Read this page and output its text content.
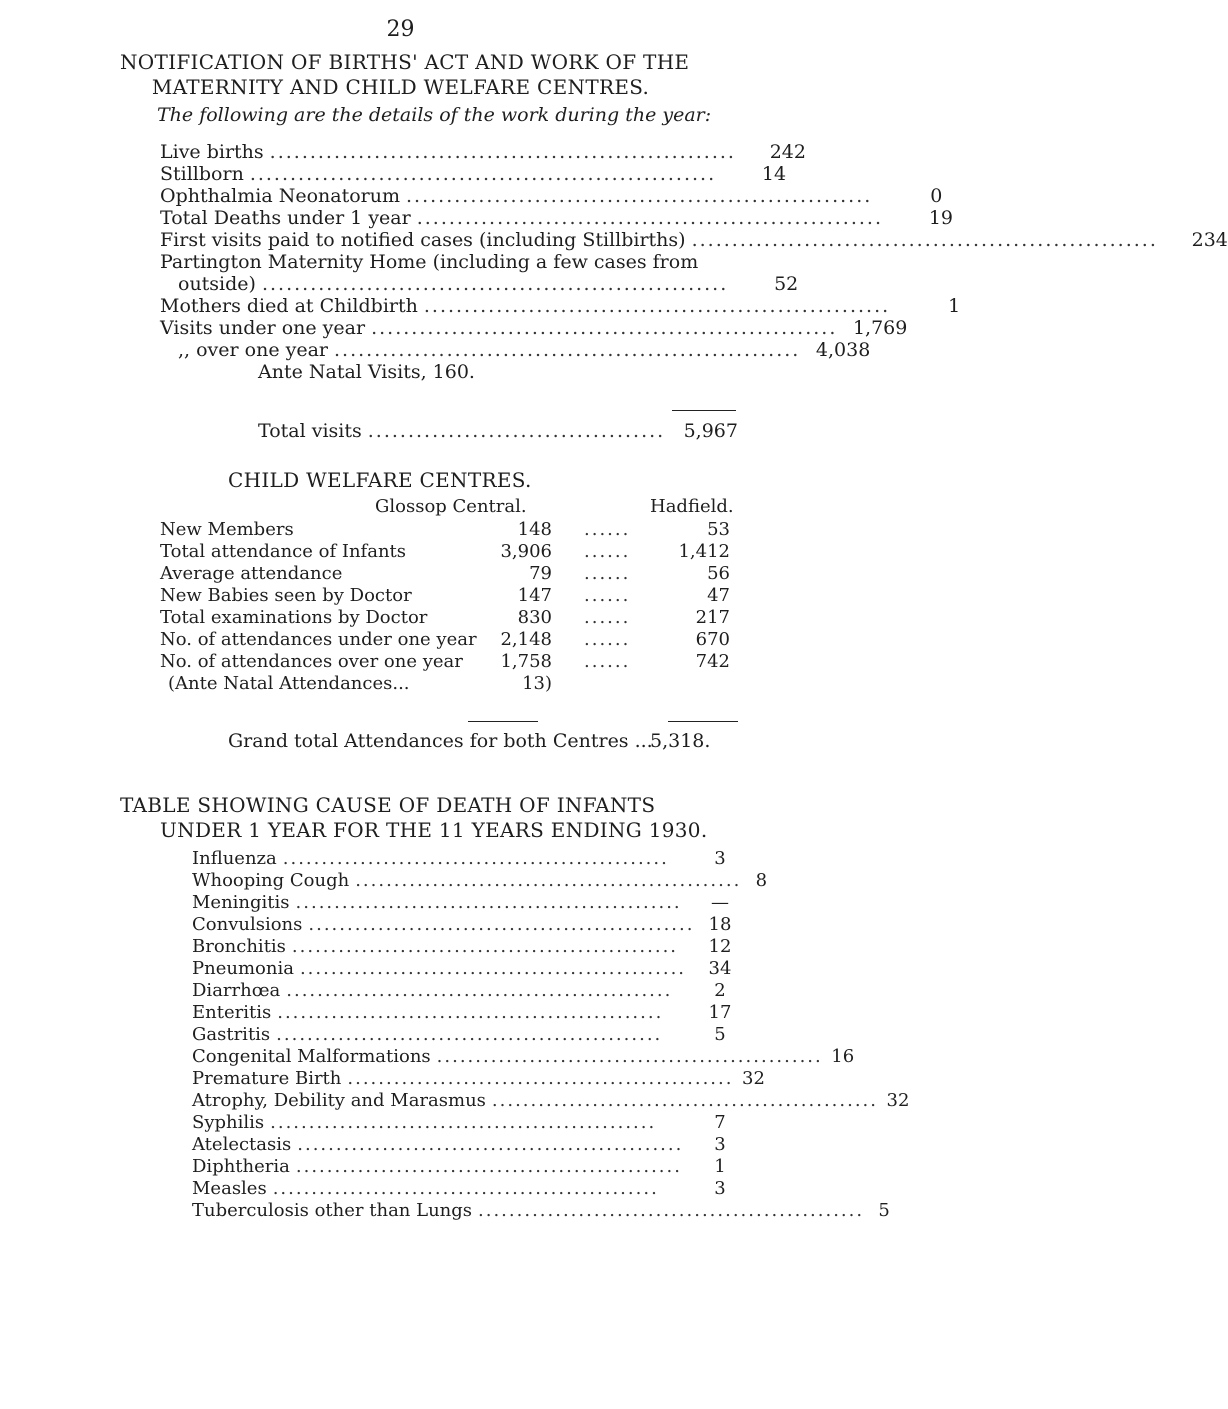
29
NOTIFICATION OF BIRTHS' ACT AND WORK OF THE
MATERNITY AND CHILD WELFARE CENTRES.
The following are the details of the work during the year:
Live births ..........................................................	242
Stillborn ..........................................................	14
Ophthalmia Neonatorum ..........................................................	0
Total Deaths under 1 year ..........................................................	19
First visits paid to notified cases (including Stillbirths) ..........................................................	234
Partington Maternity Home (including a few cases from
outside) ..........................................................	52
Mothers died at Childbirth ..........................................................	1
Visits under one year .......................................................... 1,769
,, over one year .......................................................... 4,038
Ante Natal Visits, 160.
Total visits ..................................... 5,967
CHILD WELFARE CENTRES.
Glossop Central.	Hadfield.
New Members	148 ......	53
Total attendance of Infants	3,906 ......	1,412
Average attendance	79 ......	56
New Babies seen by Doctor	147 ......	47
Total examinations by Doctor	830 ......	217
No. of attendances under one year	2,148 ......	670
No. of attendances over one year	1,758 ......	742
(Ante Natal Attendances...	13)
Grand total Attendances for both Centres ...
5,318.
TABLE SHOWING CAUSE OF DEATH OF INFANTS
UNDER 1 YEAR FOR THE 11 YEARS ENDING 1930.
Influenza ..................................................	3
Whooping Cough .................................................. 8
Meningitis ..................................................	—
Convulsions .................................................. 18
Bronchitis ..................................................	12
Pneumonia ..................................................	34
Diarrhœa ..................................................	2
Enteritis ..................................................	17
Gastritis ..................................................	5
Congenital Malformations .................................................. 16
Premature Birth .................................................. 32
Atrophy, Debility and Marasmus .................................................. 32
Syphilis ..................................................	7
Atelectasis ..................................................	3
Diphtheria ..................................................	1
Measles ..................................................	3
Tuberculosis other than Lungs .................................................. 5
